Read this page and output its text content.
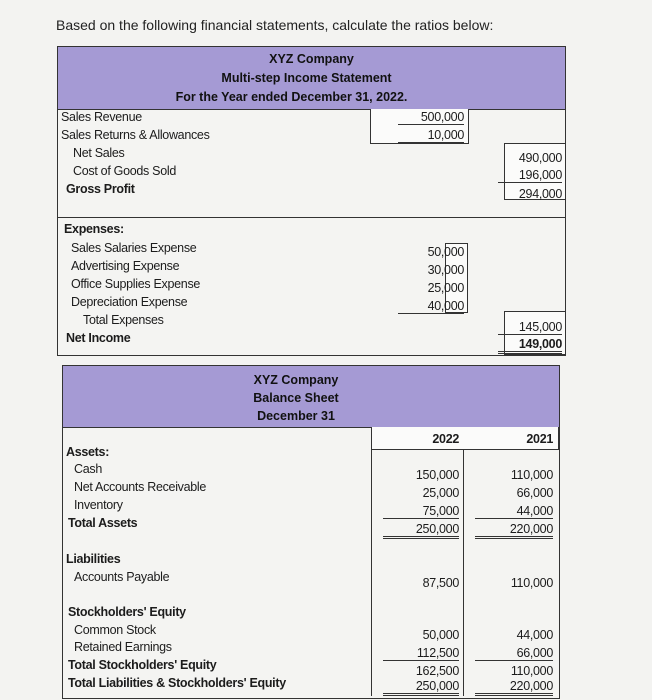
Based on the following financial statements, calculate the ratios below:
XYZ Company
Multi-step Income Statement
For the Year ended December 31, 2022.
Sales Revenue	500,000
Sales Returns & Allowances	10,000
Net Sales	490,000
Cost of Goods Sold	196,000
Gross Profit	294,000
Expenses:
Sales Salaries Expense	50,000
Advertising Expense	30,000
Office Supplies Expense	25,000
Depreciation Expense	40,000
Total Expenses	145,000
Net Income	149,000
XYZ Company
Balance Sheet
December 31
2022	2021
Assets:
Cash	150,000	110,000
Net Accounts Receivable	25,000	66,000
Inventory	75,000	44,000
Total Assets	250,000	220,000
Liabilities
Accounts Payable	87,500	110,000
Stockholders' Equity
Common Stock	50,000	44,000
Retained Earnings	112,500	66,000
Total Stockholders' Equity	162,500	110,000
Total Liabilities & Stockholders' Equity	250,000	220,000
